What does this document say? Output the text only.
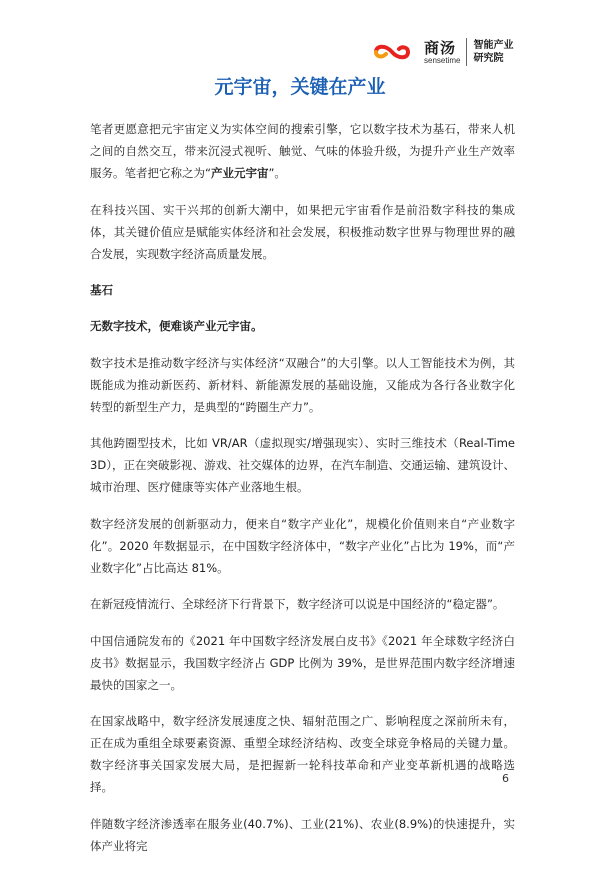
商汤
sensetime
智能产业
研究院
元宇宙，关键在产业

笔者更愿意把元宇宙定义为实体空间的搜索引擎，它以数字技术为基石，带来人机之间的自然交互，带来沉浸式视听、触觉、气味的体验升级，为提升产业生产效率服务。笔者把它称之为“产业元宇宙”。

在科技兴国、实干兴邦的创新大潮中，如果把元宇宙看作是前沿数字科技的集成体，其关键价值应是赋能实体经济和社会发展，积极推动数字世界与物理世界的融合发展，实现数字经济高质量发展。

基石

无数字技术，便难谈产业元宇宙。

数字技术是推动数字经济与实体经济“双融合”的大引擎。以人工智能技术为例，其既能成为推动新医药、新材料、新能源发展的基础设施，又能成为各行各业数字化转型的新型生产力，是典型的“跨圈生产力”。

其他跨圈型技术，比如 VR/AR（虚拟现实/增强现实）、实时三维技术（Real-Time 3D），正在突破影视、游戏、社交媒体的边界，在汽车制造、交通运输、建筑设计、城市治理、医疗健康等实体产业落地生根。

数字经济发展的创新驱动力，便来自“数字产业化”，规模化价值则来自“产业数字化”。2020 年数据显示，在中国数字经济体中，“数字产业化”占比为 19%，而“产业数字化”占比高达 81%。

在新冠疫情流行、全球经济下行背景下，数字经济可以说是中国经济的“稳定器”。

中国信通院发布的《2021 年中国数字经济发展白皮书》《2021 年全球数字经济白皮书》数据显示，我国数字经济占 GDP 比例为 39%，是世界范围内数字经济增速最快的国家之一。

在国家战略中，数字经济发展速度之快、辐射范围之广、影响程度之深前所未有，正在成为重组全球要素资源、重塑全球经济结构、改变全球竞争格局的关键力量。数字经济事关国家发展大局，是把握新一轮科技革命和产业变革新机遇的战略选择。

伴随数字经济渗透率在服务业(40.7%)、工业(21%)、农业(8.9%)的快速提升，实体产业将完

6
